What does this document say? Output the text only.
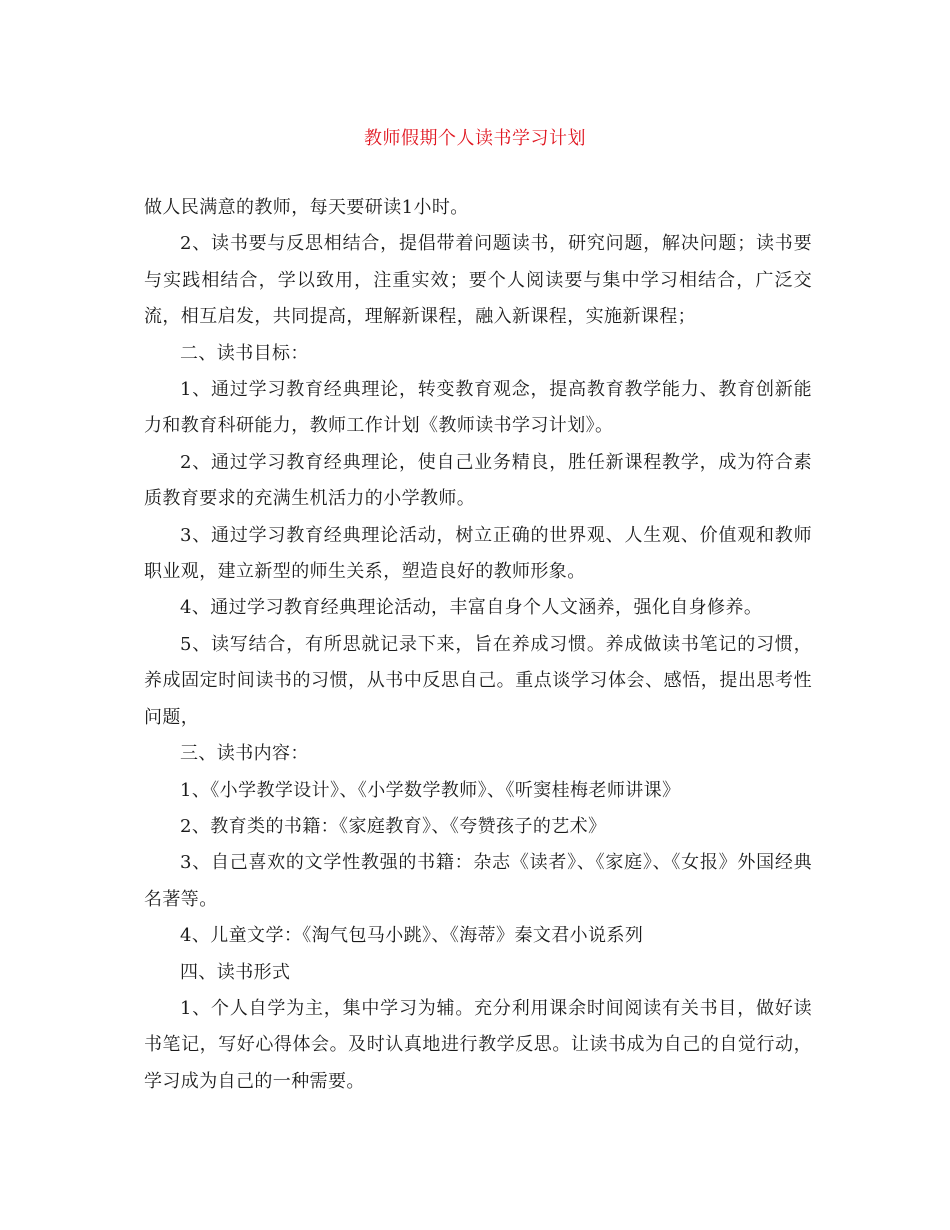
教师假期个人读书学习计划

做人民满意的教师，每天要研读1小时。

2、读书要与反思相结合，提倡带着问题读书，研究问题，解决问题；读书要与实践相结合，学以致用，注重实效；要个人阅读要与集中学习相结合，广泛交流，相互启发，共同提高，理解新课程，融入新课程，实施新课程；

二、读书目标：

1、通过学习教育经典理论，转变教育观念，提高教育教学能力、教育创新能力和教育科研能力，教师工作计划《教师读书学习计划》。

2、通过学习教育经典理论，使自己业务精良，胜任新课程教学，成为符合素质教育要求的充满生机活力的小学教师。

3、通过学习教育经典理论活动，树立正确的世界观、人生观、价值观和教师职业观，建立新型的师生关系，塑造良好的教师形象。

4、通过学习教育经典理论活动，丰富自身个人文涵养，强化自身修养。

5、读写结合，有所思就记录下来，旨在养成习惯。养成做读书笔记的习惯，养成固定时间读书的习惯，从书中反思自己。重点谈学习体会、感悟，提出思考性问题，

三、读书内容：

1、《小学教学设计》、《小学数学教师》、《听窦桂梅老师讲课》

2、教育类的书籍：《家庭教育》、《夸赞孩子的艺术》

3、自己喜欢的文学性教强的书籍：杂志《读者》、《家庭》、《女报》外国经典名著等。

4、儿童文学：《淘气包马小跳》、《海蒂》秦文君小说系列

四、读书形式

1、个人自学为主，集中学习为辅。充分利用课余时间阅读有关书目，做好读书笔记，写好心得体会。及时认真地进行教学反思。让读书成为自己的自觉行动，学习成为自己的一种需要。
